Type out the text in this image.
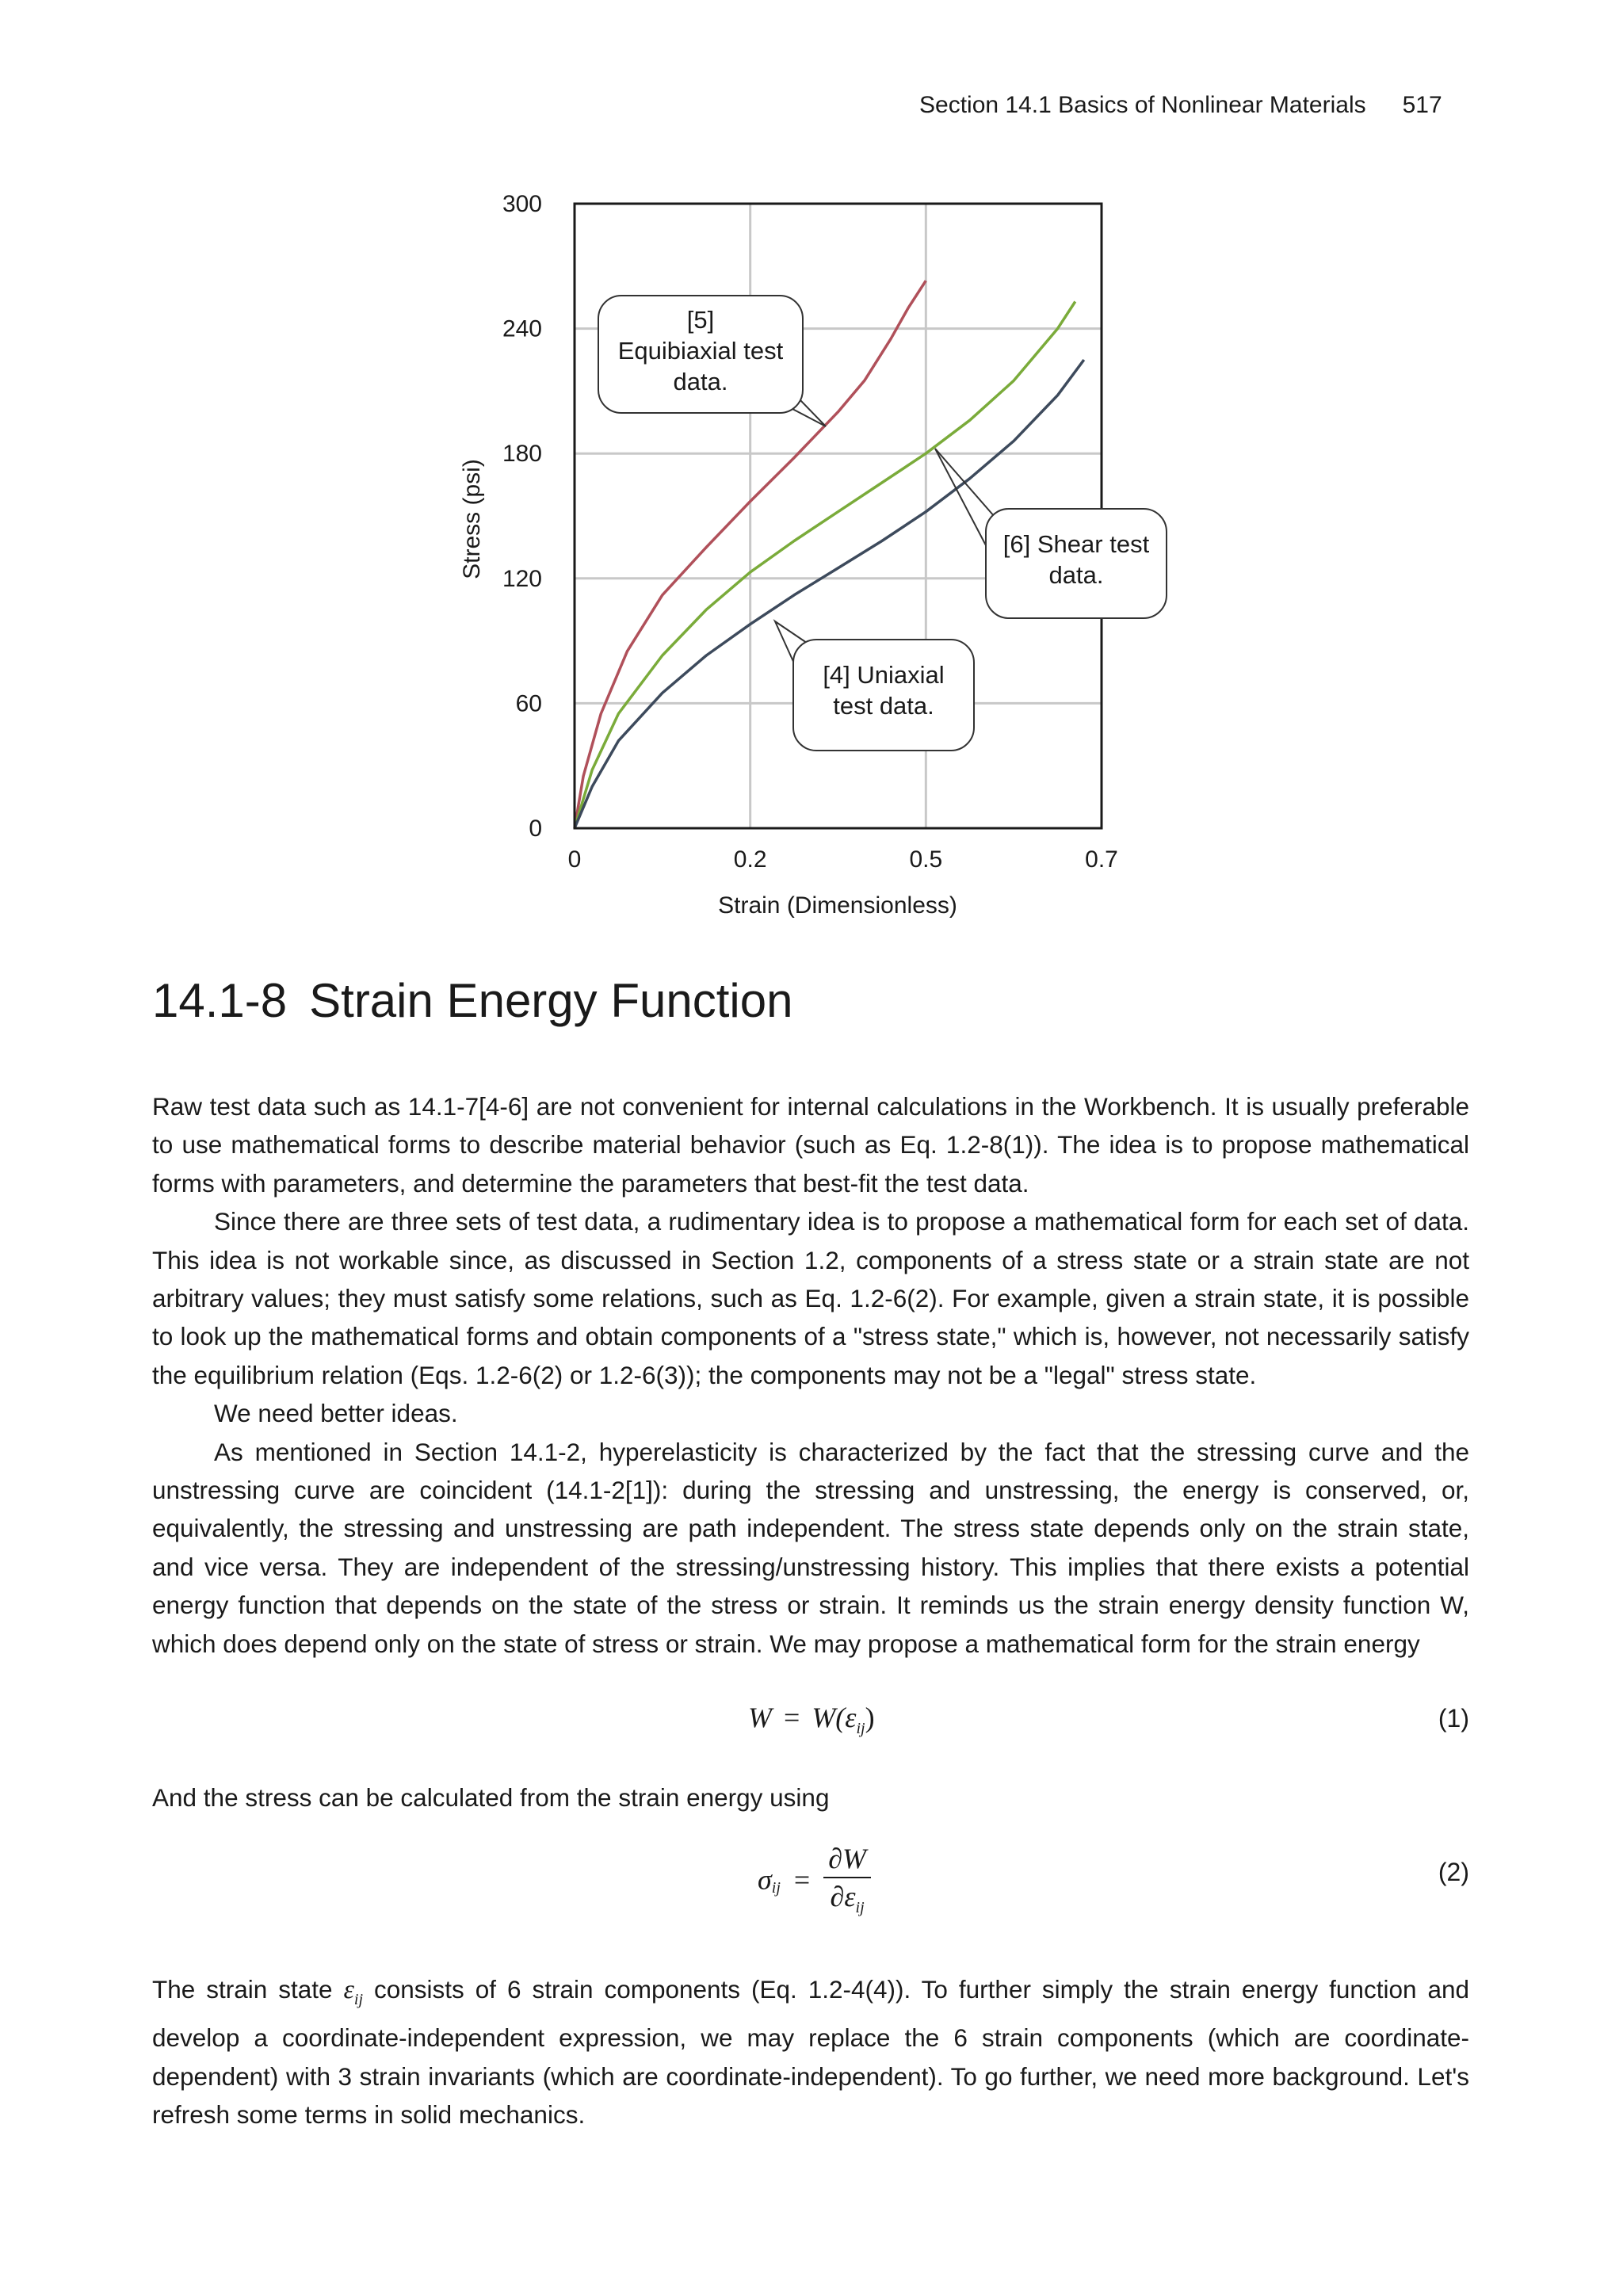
Section 14.1 Basics of Nonlinear Materials 517
0
60
120
180
240
300
0	0.2	0.5	0.7
Strain (Dimensionless)
Stress (psi)
[5]
Equibiaxial test
data.
[6] Shear test
data.
[4] Uniaxial
test data.
14.1-8 Strain Energy Function

Raw test data such as 14.1-7[4-6] are not convenient for internal calculations in the Workbench. It is usually preferable to use mathematical forms to describe material behavior (such as Eq. 1.2-8(1)). The idea is to propose mathematical forms with parameters, and determine the parameters that best-fit the test data.

Since there are three sets of test data, a rudimentary idea is to propose a mathematical form for each set of data. This idea is not workable since, as discussed in Section 1.2, components of a stress state or a strain state are not arbitrary values; they must satisfy some relations, such as Eq. 1.2-6(2). For example, given a strain state, it is possible to look up the mathematical forms and obtain components of a "stress state," which is, however, not necessarily satisfy the equilibrium relation (Eqs. 1.2-6(2) or 1.2-6(3)); the components may not be a "legal" stress state.

We need better ideas.

As mentioned in Section 14.1-2, hyperelasticity is characterized by the fact that the stressing curve and the unstressing curve are coincident (14.1-2[1]): during the stressing and unstressing, the energy is conserved, or, equivalently, the stressing and unstressing are path independent. The stress state depends only on the strain state, and vice versa. They are independent of the stressing/unstressing history. This implies that there exists a potential energy function that depends on the state of the stress or strain. It reminds us the strain energy density function W, which does depend only on the state of stress or strain. We may propose a mathematical form for the strain energy

$W = W(\varepsilon_{ij})$	(1)

And the stress can be calculated from the strain energy using

$\sigma_{ij} = \frac{\partial W}{\partial\varepsilon_{ij}}$	(2)

The strain state $\varepsilon_{ij}$ consists of 6 strain components (Eq. 1.2-4(4)). To further simply the strain energy function and develop a coordinate-independent expression, we may replace the 6 strain components (which are coordinate-dependent) with 3 strain invariants (which are coordinate-independent). To go further, we need more background. Let's refresh some terms in solid mechanics.
